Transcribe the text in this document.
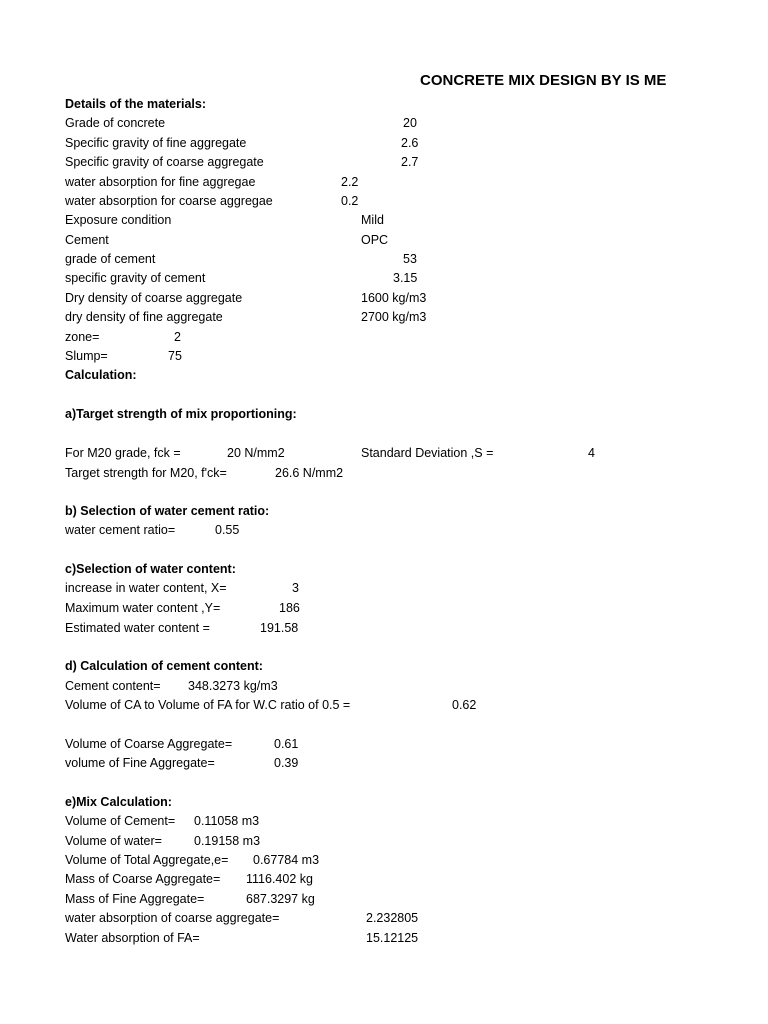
CONCRETE MIX DESIGN BY IS ME
Details of the materials:
Grade of concrete	20
Specific gravity of fine aggregate	2.6
Specific gravity of coarse aggregate	2.7
water absorption for fine aggregae	2.2
water absorption for coarse aggregae	0.2
Exposure condition	Mild
Cement	OPC
grade of cement	53
specific gravity of cement	3.15
Dry density of coarse aggregate	1600 kg/m3
dry density of fine aggregate	2700 kg/m3
zone=	2
Slump=	75
Calculation:
a)Target strength of mix proportioning:
For M20 grade, fck =	20 N/mm2	Standard Deviation ,S =	4
Target strength for M20, f'ck=	26.6 N/mm2
b) Selection of water cement ratio:
water cement ratio=	0.55
c)Selection of water content:
increase in water content, X=	3
Maximum water content ,Y=	186
Estimated water content =	191.58
d) Calculation of cement content:
Cement content= 348.3273 kg/m3
Volume of CA to Volume of FA for W.C ratio of 0.5 =	0.62
Volume of Coarse Aggregate=	0.61
volume of Fine Aggregate=	0.39
e)Mix Calculation:
Volume of Cement= 0.11058 m3
Volume of water=	0.19158 m3
Volume of Total Aggregate,e= 0.67784 m3
Mass of Coarse Aggregate= 1116.402 kg
Mass of Fine Aggregate=	687.3297 kg
water absorption of coarse aggregate=	2.232805
Water absorption of FA=	15.12125
